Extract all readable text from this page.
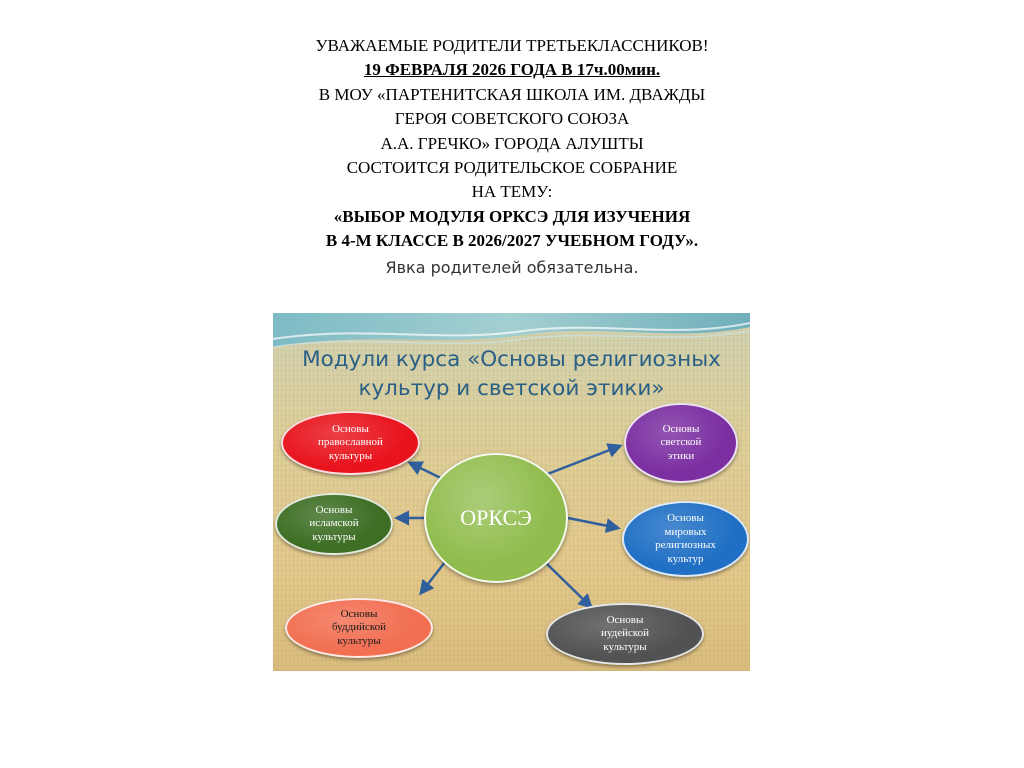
УВАЖАЕМЫЕ РОДИТЕЛИ ТРЕТЬЕКЛАССНИКОВ!
19 ФЕВРАЛЯ 2026 ГОДА В 17ч.00мин.
В МОУ «ПАРТЕНИТСКАЯ ШКОЛА ИМ. ДВАЖДЫ
ГЕРОЯ СОВЕТСКОГО СОЮЗА
А.А. ГРЕЧКО» ГОРОДА АЛУШТЫ
СОСТОИТСЯ РОДИТЕЛЬСКОЕ СОБРАНИЕ
НА ТЕМУ:
«ВЫБОР МОДУЛЯ ОРКСЭ ДЛЯ ИЗУЧЕНИЯ
В 4-М КЛАССЕ В 2026/2027 УЧЕБНОМ ГОДУ».
Явка родителей обязательна.
Модули курса «Основы религиозных
культур и светской этики»
ОРКСЭ
Основы
православной
культуры
Основы
исламской
культуры
Основы
буддийской
культуры
Основы
светской
этики
Основы
мировых
религиозных
культур
Основы
иудейской
культуры
